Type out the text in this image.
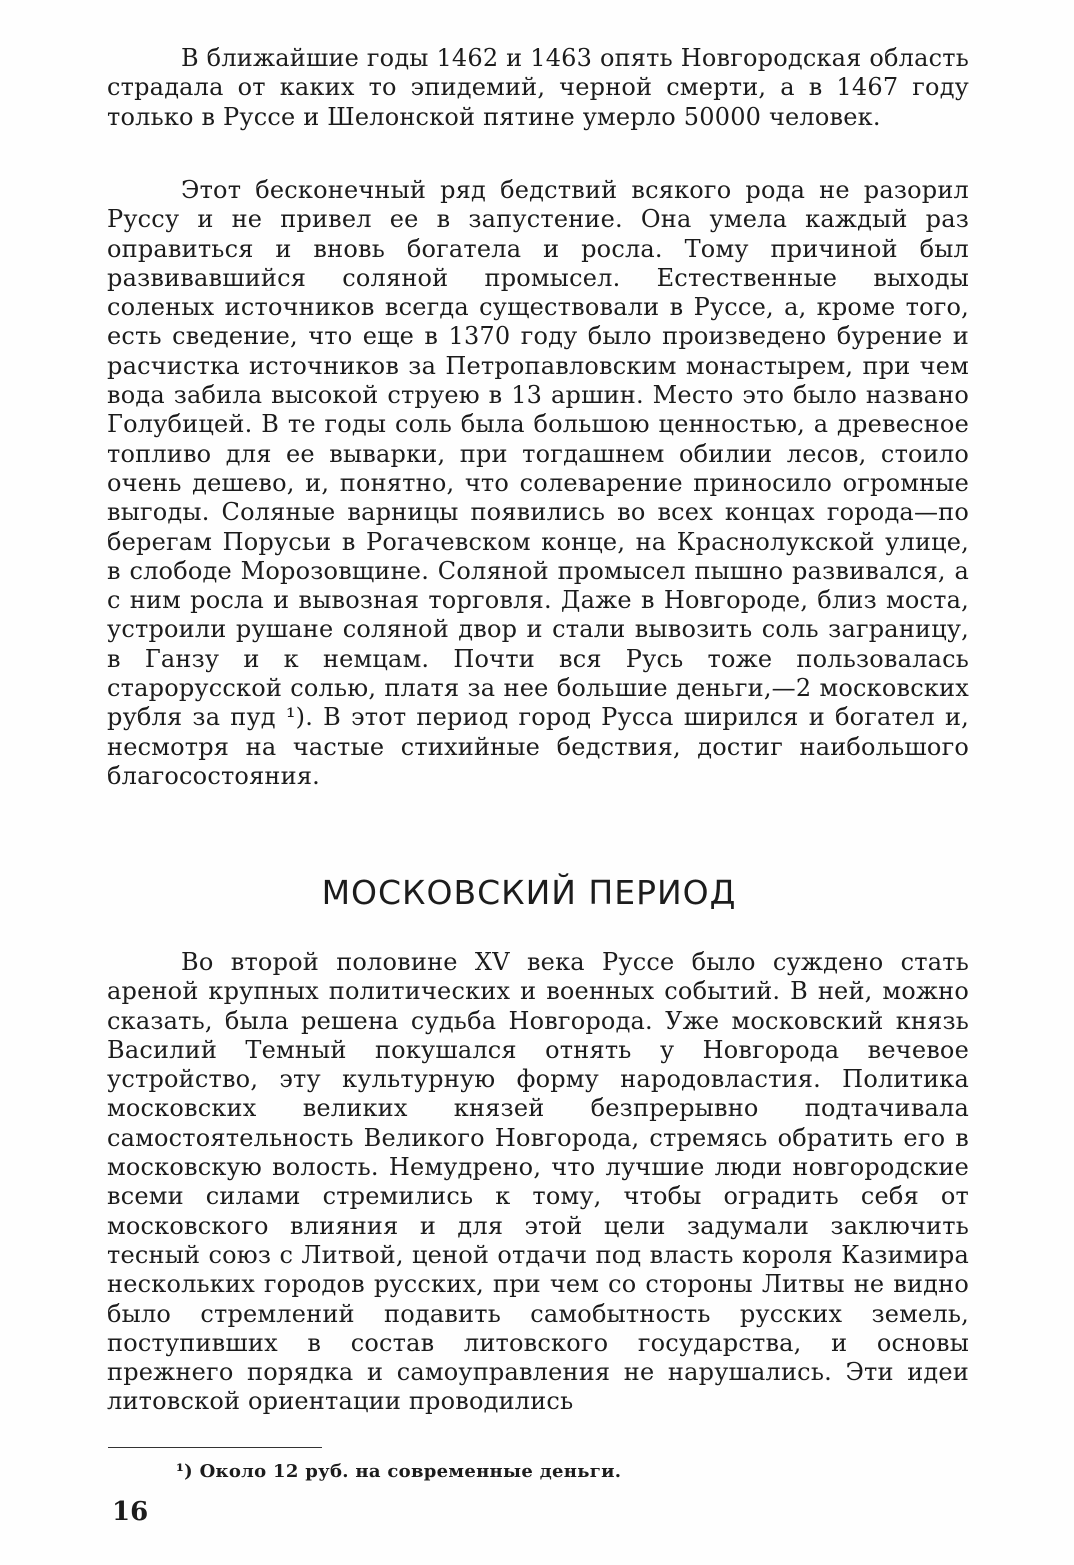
В ближайшие годы 1462 и 1463 опять Новгородская область страдала от каких то эпидемий, черной смерти, а в 1467 году только в Руссе и Шелонской пятине умерло 50000 человек.

Этот бесконечный ряд бедствий всякого рода не разорил Руссу и не привел ее в запустение. Она умела каждый раз оправиться и вновь богатела и росла. Тому причиной был развивавшийся соляной промысел. Естественные выходы соленых источников всегда существовали в Руссе, а, кроме того, есть сведение, что еще в 1370 году было произведено бурение и расчистка источников за Петропавловским монастырем, при чем вода забила высокой струею в 13 аршин. Место это было названо Голубицей. В те годы соль была большою ценностью, а древесное топливо для ее выварки, при тогдашнем обилии лесов, стоило очень дешево, и, понятно, что солеварение приносило огромные выгоды. Соляные варницы появились во всех концах города—по берегам Порусьи в Рогачевском конце, на Краснолукской улице, в слободе Морозовщине. Соляной промысел пышно развивался, а с ним росла и вывозная торговля. Даже в Новгороде, близ моста, устроили рушане соляной двор и стали вывозить соль заграницу, в Ганзу и к немцам. Почти вся Русь тоже пользовалась старорусской солью, платя за нее большие деньги,—2 московских рубля за пуд ¹). В этот период город Русса ширился и богател и, несмотря на частые стихийные бедствия, достиг наибольшого благосостояния.

МОСКОВСКИЙ ПЕРИОД

Во второй половине XV века Руссе было суждено стать ареной крупных политических и военных событий. В ней, можно сказать, была решена судьба Новгорода. Уже московский князь Василий Темный покушался отнять у Новгорода вечевое устройство, эту культурную форму народовластия. Политика московских великих князей безпрерывно подтачивала самостоятельность Великого Новгорода, стремясь обратить его в московскую волость. Немудрено, что лучшие люди новгородские всеми силами стремились к тому, чтобы оградить себя от московского влияния и для этой цели задумали заключить тесный союз с Литвой, ценой отдачи под власть короля Казимира нескольких городов русских, при чем со стороны Литвы не видно было стремлений подавить самобытность русских земель, поступивших в состав литовского государства, и основы прежнего порядка и самоуправления не нарушались. Эти идеи литовской ориентации проводились

¹) Около 12 руб. на современные деньги.
16
